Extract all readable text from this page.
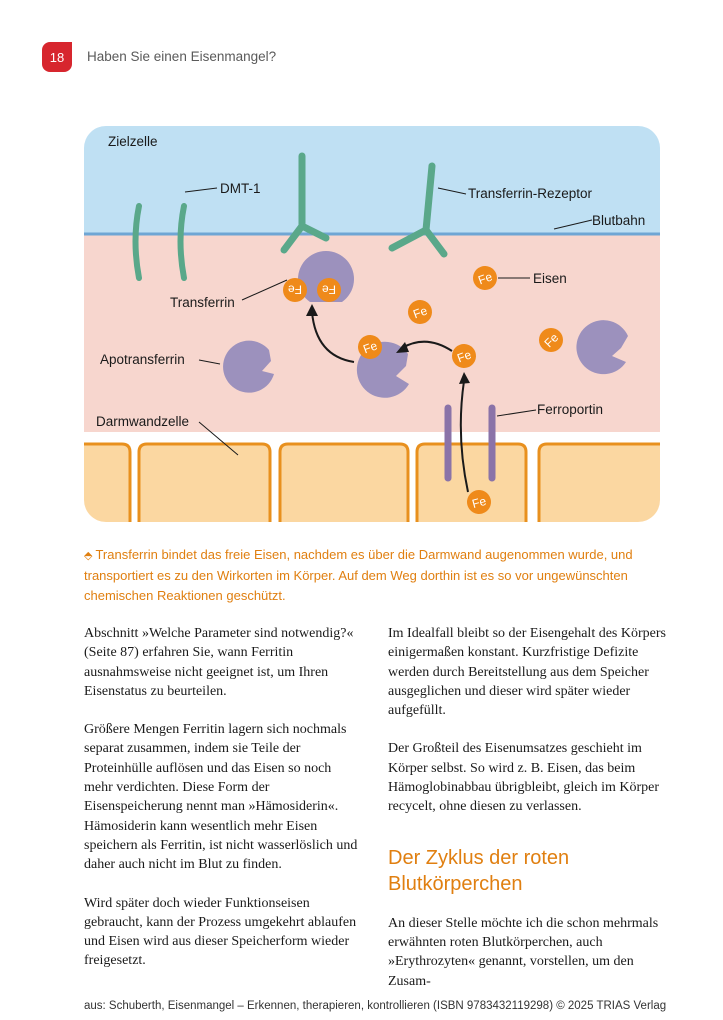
18	Haben Sie einen Eisenmangel?
Fe Fe
Fe
Fe
Fe
Fe
Fe
Fe
Zielzelle
DMT-1	Transferrin-Rezeptor
Blutbahn
Eisen
Transferrin
Apotransferrin
Ferroportin
Darmwandzelle
⬘ Transferrin bindet das freie Eisen, nachdem es über die Darmwand augenommen wurde, und transportiert es zu den Wirkorten im Körper. Auf dem Weg dorthin ist es so vor ungewünschten chemischen Reaktionen geschützt.

Abschnitt »Welche Parameter sind notwendig?« (Seite 87) erfahren Sie, wann Ferritin ausnahmsweise nicht geeignet ist, um Ihren Eisenstatus zu beurteilen.

Größere Mengen Ferritin lagern sich nochmals separat zusammen, indem sie Teile der Proteinhülle auflösen und das Eisen so noch mehr verdichten. Diese Form der Eisenspeicherung nennt man »Hämosiderin«. Hämosiderin kann wesentlich mehr Eisen speichern als Ferritin, ist nicht wasserlöslich und daher auch nicht im Blut zu finden.

Wird später doch wieder Funktionseisen gebraucht, kann der Prozess umgekehrt ablaufen und Eisen wird aus dieser Speicherform wieder freigesetzt.

Im Idealfall bleibt so der Eisengehalt des Körpers einigermaßen konstant. Kurzfristige Defizite werden durch Bereitstellung aus dem Speicher ausgeglichen und dieser wird später wieder aufgefüllt.

Der Großteil des Eisenumsatzes geschieht im Körper selbst. So wird z. B. Eisen, das beim Hämoglobinabbau übrigbleibt, gleich im Körper recycelt, ohne diesen zu verlassen.

Der Zyklus der roten Blutkörperchen

An dieser Stelle möchte ich die schon mehrmals erwähnten roten Blutkörperchen, auch »Erythrozyten« genannt, vorstellen, um den Zusam-

aus: Schuberth, Eisenmangel – Erkennen, therapieren, kontrollieren (ISBN 9783432119298) © 2025 TRIAS Verlag
